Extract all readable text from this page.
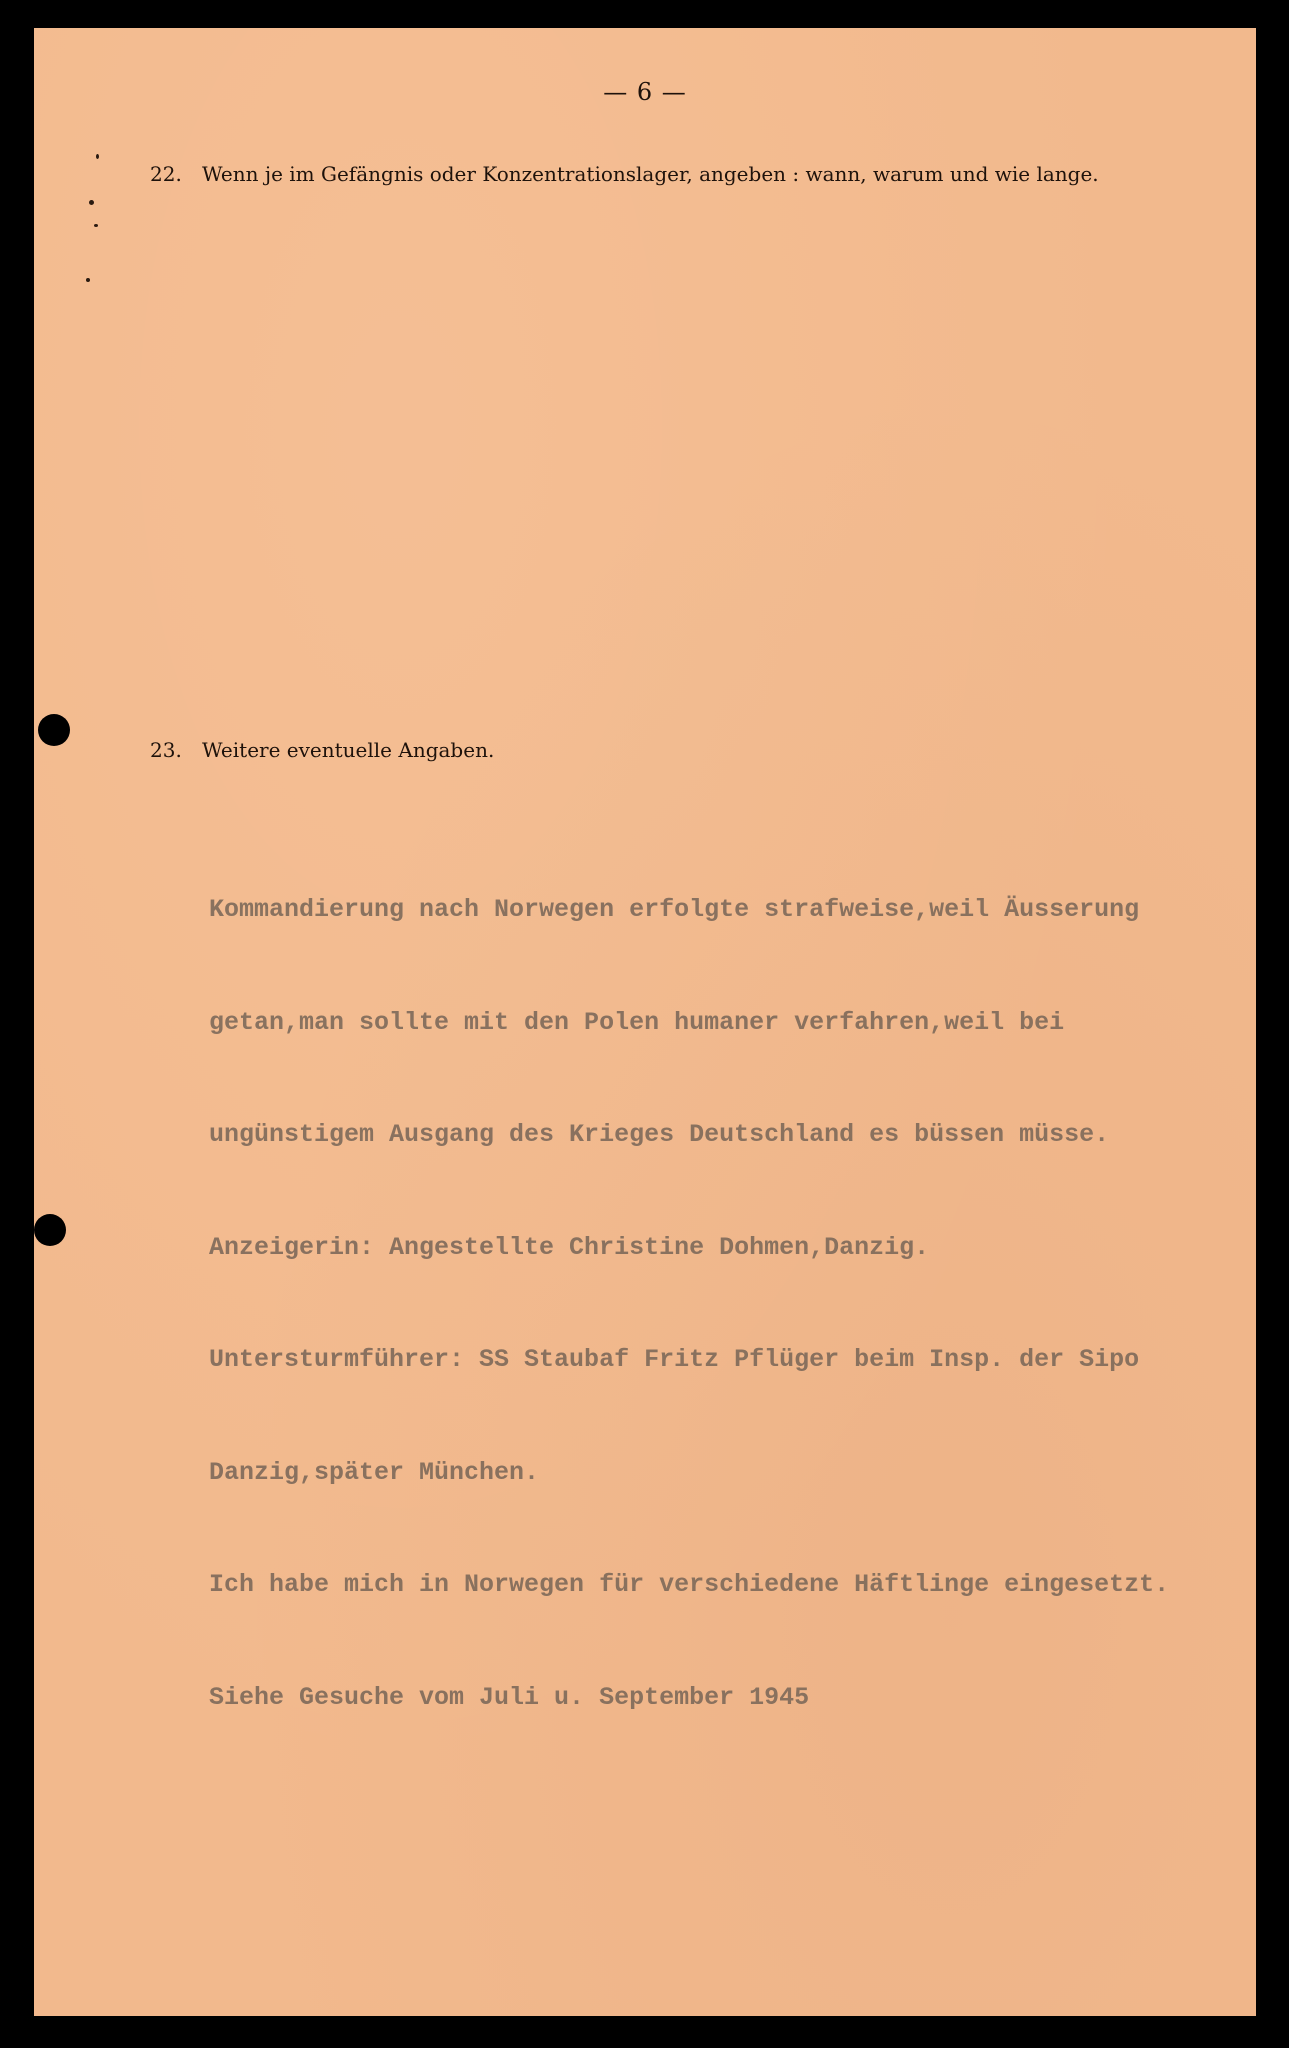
— 6 —
22. Wenn je im Gefängnis oder Konzentrationslager, angeben : wann, warum und wie lange.
23. Weitere eventuelle Angaben.

Kommandierung nach Norwegen erfolgte strafweise,weil Äusserung

getan,man sollte mit den Polen humaner verfahren,weil bei

ungünstigem Ausgang des Krieges Deutschland es büssen müsse.

Anzeigerin: Angestellte Christine Dohmen,Danzig.

Untersturmführer: SS Staubaf Fritz Pflüger beim Insp. der Sipo

Danzig,später München.

Ich habe mich in Norwegen für verschiedene Häftlinge eingesetzt.

Siehe Gesuche vom Juli u. September 1945
